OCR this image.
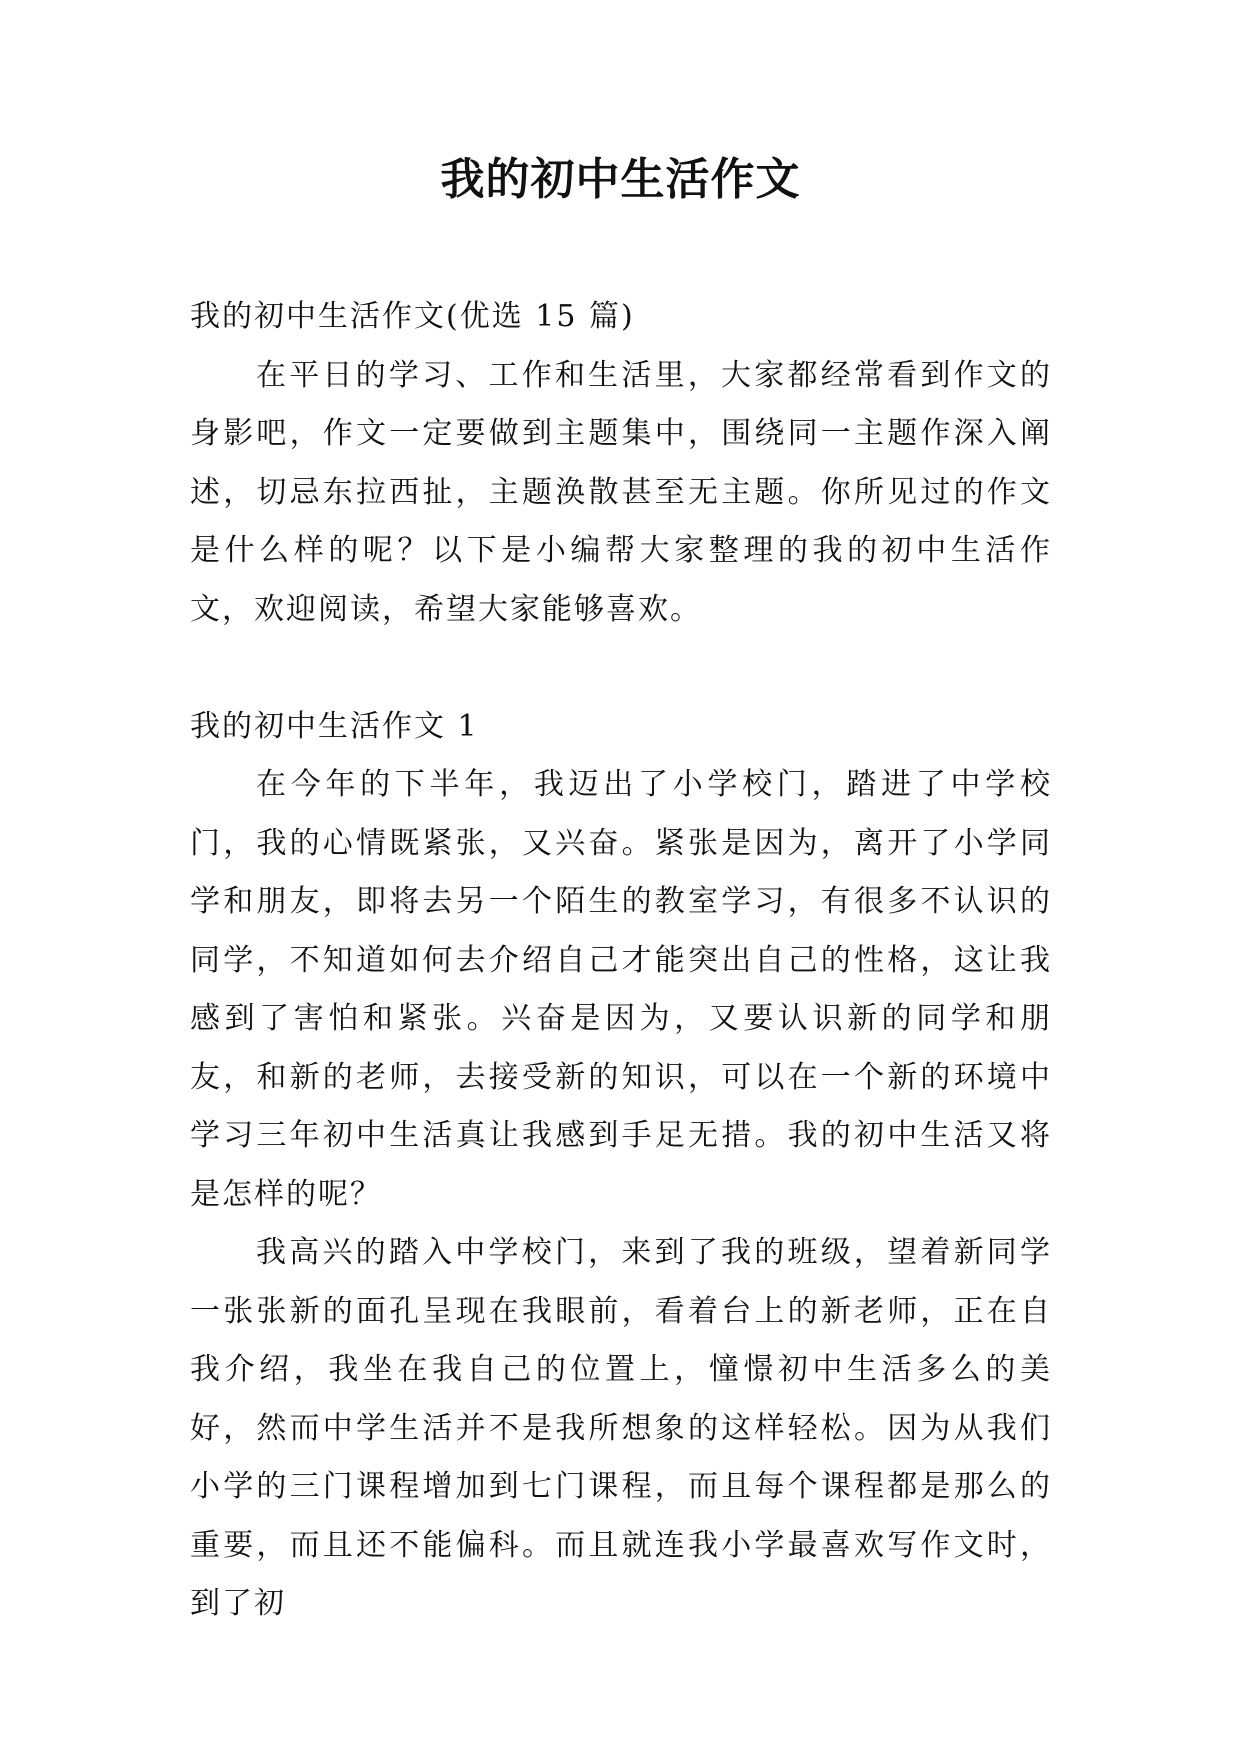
我的初中生活作文

我的初中生活作文(优选 15 篇)

在平日的学习、工作和生活里，大家都经常看到作文的身影吧，作文一定要做到主题集中，围绕同一主题作深入阐述，切忌东拉西扯，主题涣散甚至无主题。你所见过的作文是什么样的呢？以下是小编帮大家整理的我的初中生活作文，欢迎阅读，希望大家能够喜欢。

我的初中生活作文 1

在今年的下半年，我迈出了小学校门，踏进了中学校门，我的心情既紧张，又兴奋。紧张是因为，离开了小学同学和朋友，即将去另一个陌生的教室学习，有很多不认识的同学，不知道如何去介绍自己才能突出自己的性格，这让我感到了害怕和紧张。兴奋是因为，又要认识新的同学和朋友，和新的老师，去接受新的知识，可以在一个新的环境中学习三年初中生活真让我感到手足无措。我的初中生活又将是怎样的呢？

我高兴的踏入中学校门，来到了我的班级，望着新同学一张张新的面孔呈现在我眼前，看着台上的新老师，正在自我介绍，我坐在我自己的位置上，憧憬初中生活多么的美好，然而中学生活并不是我所想象的这样轻松。因为从我们小学的三门课程增加到七门课程，而且每个课程都是那么的重要，而且还不能偏科。而且就连我小学最喜欢写作文时，到了初
